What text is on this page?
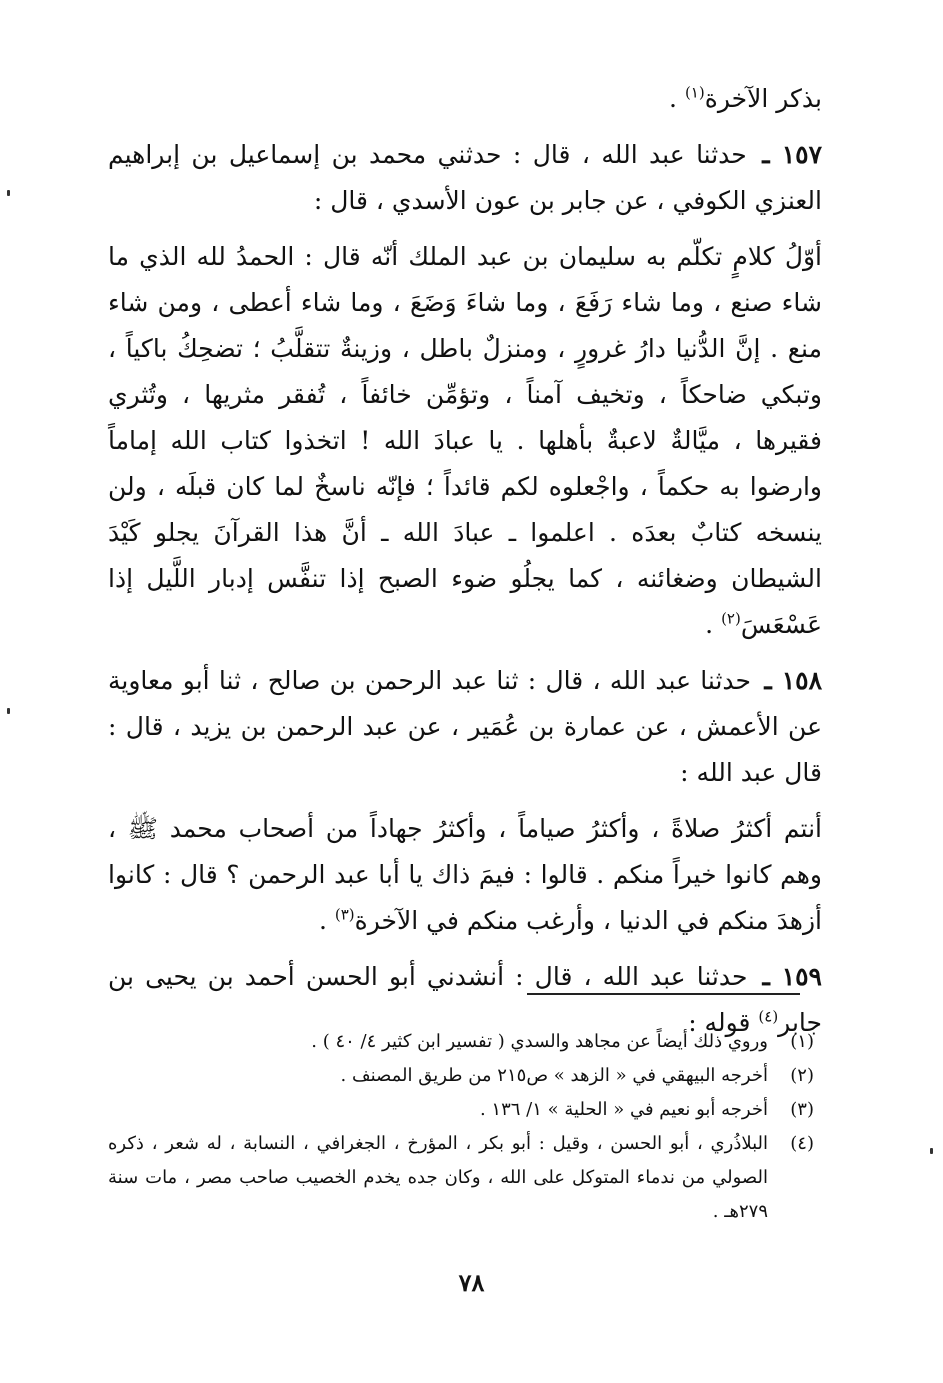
بذكر الآخرة$^{(١)}$ .

١٥٧ ـ حدثنا عبد الله ، قال : حدثني محمد بن إسماعيل بن إبراهيم العنزي الكوفي ، عن جابر بن عون الأسدي ، قال :

أوّلُ كلامٍ تكلّم به سليمان بن عبد الملك أنّه قال : الحمدُ لله الذي ما شاء صنع ، وما شاء رَفَعَ ، وما شاءَ وَضَعَ ، وما شاء أعطى ، ومن شاء منع . إنَّ الدُّنيا دارُ غرورٍ ، ومنزلٌ باطل ، وزينةٌ تتقلَّبُ ؛ تضحِكُ باكياً ، وتبكي ضاحكاً ، وتخيف آمناً ، وتؤمِّن خائفاً ، تُفقر مثريها ، وتُثري فقيرها ، ميَّالةٌ لاعبةٌ بأهلها . يا عبادَ الله ! اتخذوا كتاب الله إماماً وارضوا به حكماً ، واجْعلوه لكم قائداً ؛ فإنّه ناسخٌ لما كان قبلَه ، ولن ينسخه كتابٌ بعدَه . اعلموا ـ عبادَ الله ـ أنَّ هذا القرآنَ يجلو كَيْدَ الشيطان وضغائنه ، كما يجلُو ضوء الصبح إذا تنفَّس إدبار اللَّيل إذا عَسْعَسَ$^{(٢)}$ .

١٥٨ ـ حدثنا عبد الله ، قال : ثنا عبد الرحمن بن صالح ، ثنا أبو معاوية عن الأعمش ، عن عمارة بن عُمَير ، عن عبد الرحمن بن يزيد ، قال : قال عبد الله :

أنتم أكثرُ صلاةً ، وأكثرُ صياماً ، وأكثرُ جهاداً من أصحاب محمد ﷺ ، وهم كانوا خيراً منكم . قالوا : فيمَ ذاك يا أبا عبد الرحمن ؟ قال : كانوا أزهدَ منكم في الدنيا ، وأرغب منكم في الآخرة$^{(٣)}$ .

١٥٩ ـ حدثنا عبد الله ، قال : أنشدني أبو الحسن أحمد بن يحيى بن جابر$^{(٤)}$ قوله :

(١)
وروي ذلك أيضاً عن مجاهد والسدي ( تفسير ابن كثير ٤/ ٤٠ ) .
(٢)
أخرجه البيهقي في « الزهد » ص٢١٥ من طريق المصنف .
(٣)
أخرجه أبو نعيم في « الحلية » ١/ ١٣٦ .
(٤)
البلاذُري ، أبو الحسن ، وقيل : أبو بكر ، المؤرخ ، الجغرافي ، النسابة ، له شعر ، ذكره الصولي من ندماء المتوكل على الله ، وكان جده يخدم الخصيب صاحب مصر ، مات سنة ٢٧٩هـ .
٧٨
